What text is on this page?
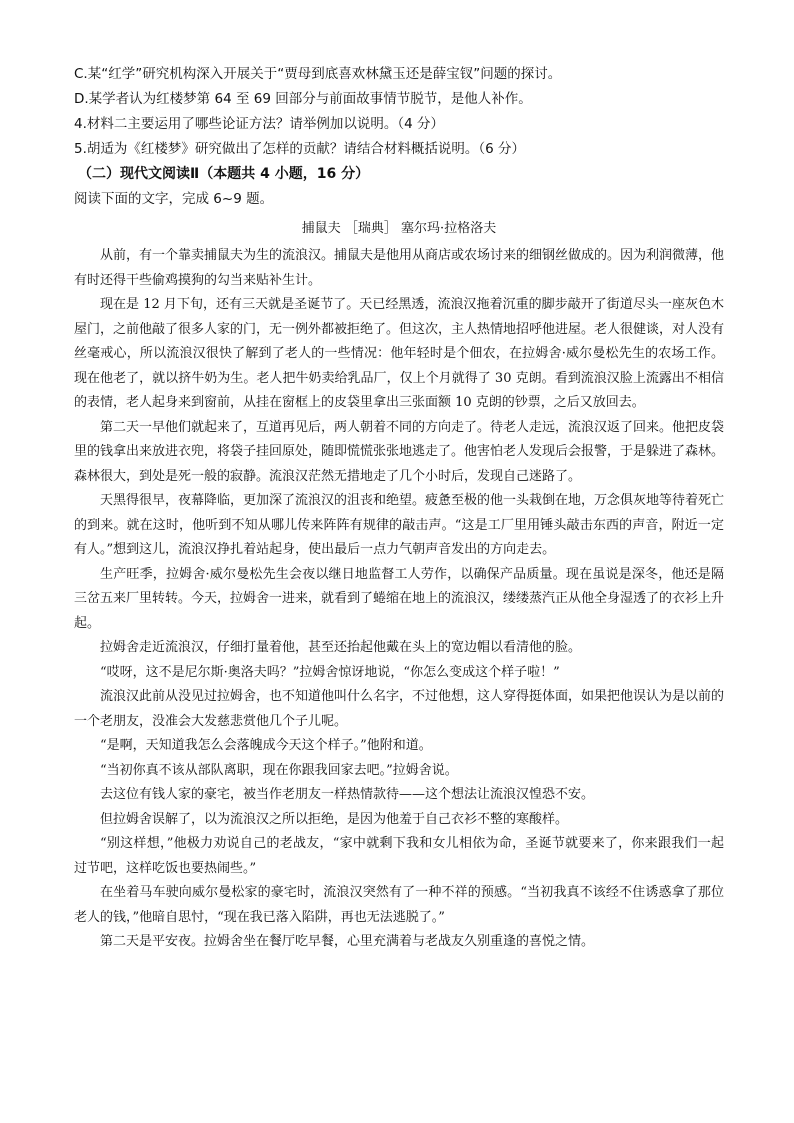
C.某“红学”研究机构深入开展关于“贾母到底喜欢林黛玉还是薛宝钗”问题的探讨。
D.某学者认为红楼梦第 64 至 69 回部分与前面故事情节脱节，是他人补作。
4.材料二主要运用了哪些论证方法？请举例加以说明。（4 分）
5.胡适为《红楼梦》研究做出了怎样的贡献？请结合材料概括说明。（6 分）
（二）现代文阅读Ⅱ（本题共 4 小题，16 分）
阅读下面的文字，完成 6~9 题。
捕鼠夫 ［瑞典］ 塞尔玛·拉格洛夫

从前，有一个靠卖捕鼠夫为生的流浪汉。捕鼠夫是他用从商店或农场讨来的细钢丝做成的。因为利润微薄，他有时还得干些偷鸡摸狗的勾当来贴补生计。

现在是 12 月下旬，还有三天就是圣诞节了。天已经黑透，流浪汉拖着沉重的脚步敲开了街道尽头一座灰色木屋门，之前他敲了很多人家的门，无一例外都被拒绝了。但这次，主人热情地招呼他进屋。老人很健谈，对人没有丝毫戒心，所以流浪汉很快了解到了老人的一些情况：他年轻时是个佃农，在拉姆舍·威尔曼松先生的农场工作。现在他老了，就以挤牛奶为生。老人把牛奶卖给乳品厂，仅上个月就得了 30 克朗。看到流浪汉脸上流露出不相信的表情，老人起身来到窗前，从挂在窗框上的皮袋里拿出三张面额 10 克朗的钞票，之后又放回去。

第二天一早他们就起来了，互道再见后，两人朝着不同的方向走了。待老人走远，流浪汉返了回来。他把皮袋里的钱拿出来放进衣兜，将袋子挂回原处，随即慌慌张张地逃走了。他害怕老人发现后会报警，于是躲进了森林。森林很大，到处是死一般的寂静。流浪汉茫然无措地走了几个小时后，发现自己迷路了。

天黑得很早，夜幕降临，更加深了流浪汉的沮丧和绝望。疲惫至极的他一头栽倒在地，万念俱灰地等待着死亡的到来。就在这时，他听到不知从哪儿传来阵阵有规律的敲击声。“这是工厂里用锤头敲击东西的声音，附近一定有人。”想到这儿，流浪汉挣扎着站起身，使出最后一点力气朝声音发出的方向走去。

生产旺季，拉姆舍·威尔曼松先生会夜以继日地监督工人劳作，以确保产品质量。现在虽说是深冬，他还是隔三岔五来厂里转转。今天，拉姆舍一进来，就看到了蜷缩在地上的流浪汉，缕缕蒸汽正从他全身湿透了的衣衫上升起。

拉姆舍走近流浪汉，仔细打量着他，甚至还抬起他戴在头上的宽边帽以看清他的脸。

“哎呀，这不是尼尔斯·奥洛夫吗？”拉姆舍惊讶地说，“你怎么变成这个样子啦！”

流浪汉此前从没见过拉姆舍，也不知道他叫什么名字，不过他想，这人穿得挺体面，如果把他误认为是以前的一个老朋友，没准会大发慈悲赏他几个子儿呢。

“是啊，天知道我怎么会落魄成今天这个样子。”他附和道。

“当初你真不该从部队离职，现在你跟我回家去吧。”拉姆舍说。

去这位有钱人家的豪宅，被当作老朋友一样热情款待——这个想法让流浪汉惶恐不安。

但拉姆舍误解了，以为流浪汉之所以拒绝，是因为他羞于自己衣衫不整的寒酸样。

“别这样想，”他极力劝说自己的老战友，“家中就剩下我和女儿相依为命，圣诞节就要来了，你来跟我们一起过节吧，这样吃饭也要热闹些。”

在坐着马车驶向威尔曼松家的豪宅时，流浪汉突然有了一种不祥的预感。“当初我真不该经不住诱惑拿了那位老人的钱，”他暗自思忖，“现在我已落入陷阱，再也无法逃脱了。”

第二天是平安夜。拉姆舍坐在餐厅吃早餐，心里充满着与老战友久别重逢的喜悦之情。
